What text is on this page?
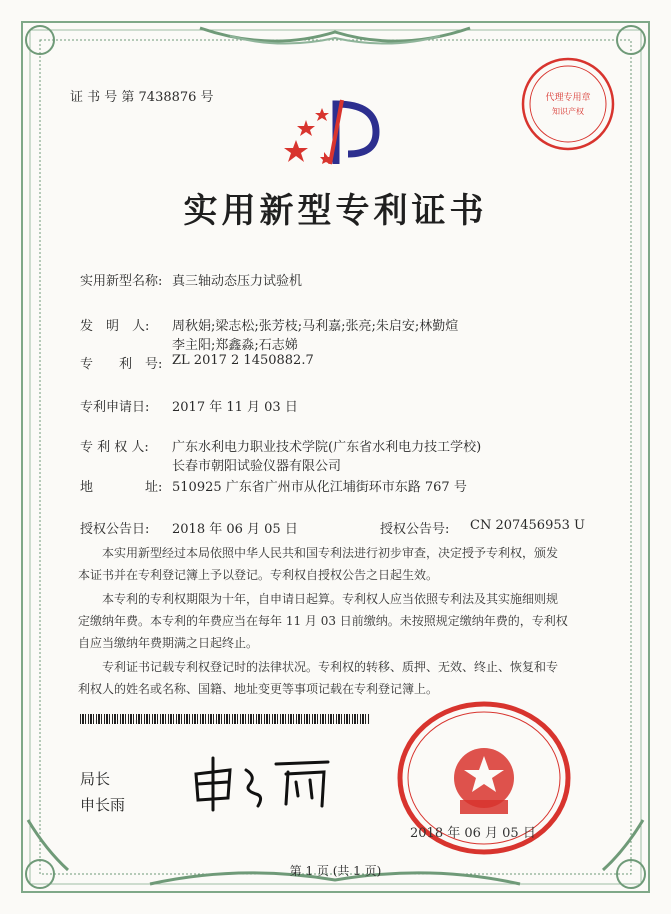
证 书 号 第 7438876 号	代理专用章
知识产权
实用新型专利证书
实用新型名称: 真三轴动态压力试验机
发　明　人: 周秋娟;梁志松;张芳枝;马利嘉;张亮;朱启安;林勤煊
李主阳;郑鑫淼;石志娣
专　　利　号: ZL 2017 2 1450882.7
专利申请日: 2017 年 11 月 03 日
专 利 权 人: 广东水利电力职业技术学院(广东省水利电力技工学校)
长春市朝阳试验仪器有限公司
地　　　　址: 510925 广东省广州市从化江埔街环市东路 767 号
授权公告日: 2018 年 06 月 05 日	授权公告号: CN 207456953 U
本实用新型经过本局依照中华人民共和国专利法进行初步审查，决定授予专利权，颁发
本证书并在专利登记簿上予以登记。专利权自授权公告之日起生效。
本专利的专利权期限为十年，自申请日起算。专利权人应当依照专利法及其实施细则规
定缴纳年费。本专利的年费应当在每年 11 月 03 日前缴纳。未按照规定缴纳年费的，专利权
自应当缴纳年费期满之日起终止。
专利证书记载专利权登记时的法律状况。专利权的转移、质押、无效、终止、恢复和专
利权人的姓名或名称、国籍、地址变更等事项记载在专利登记簿上。
局长
申长雨
2018 年 06 月 05 日
第 1 页 (共 1 页)
